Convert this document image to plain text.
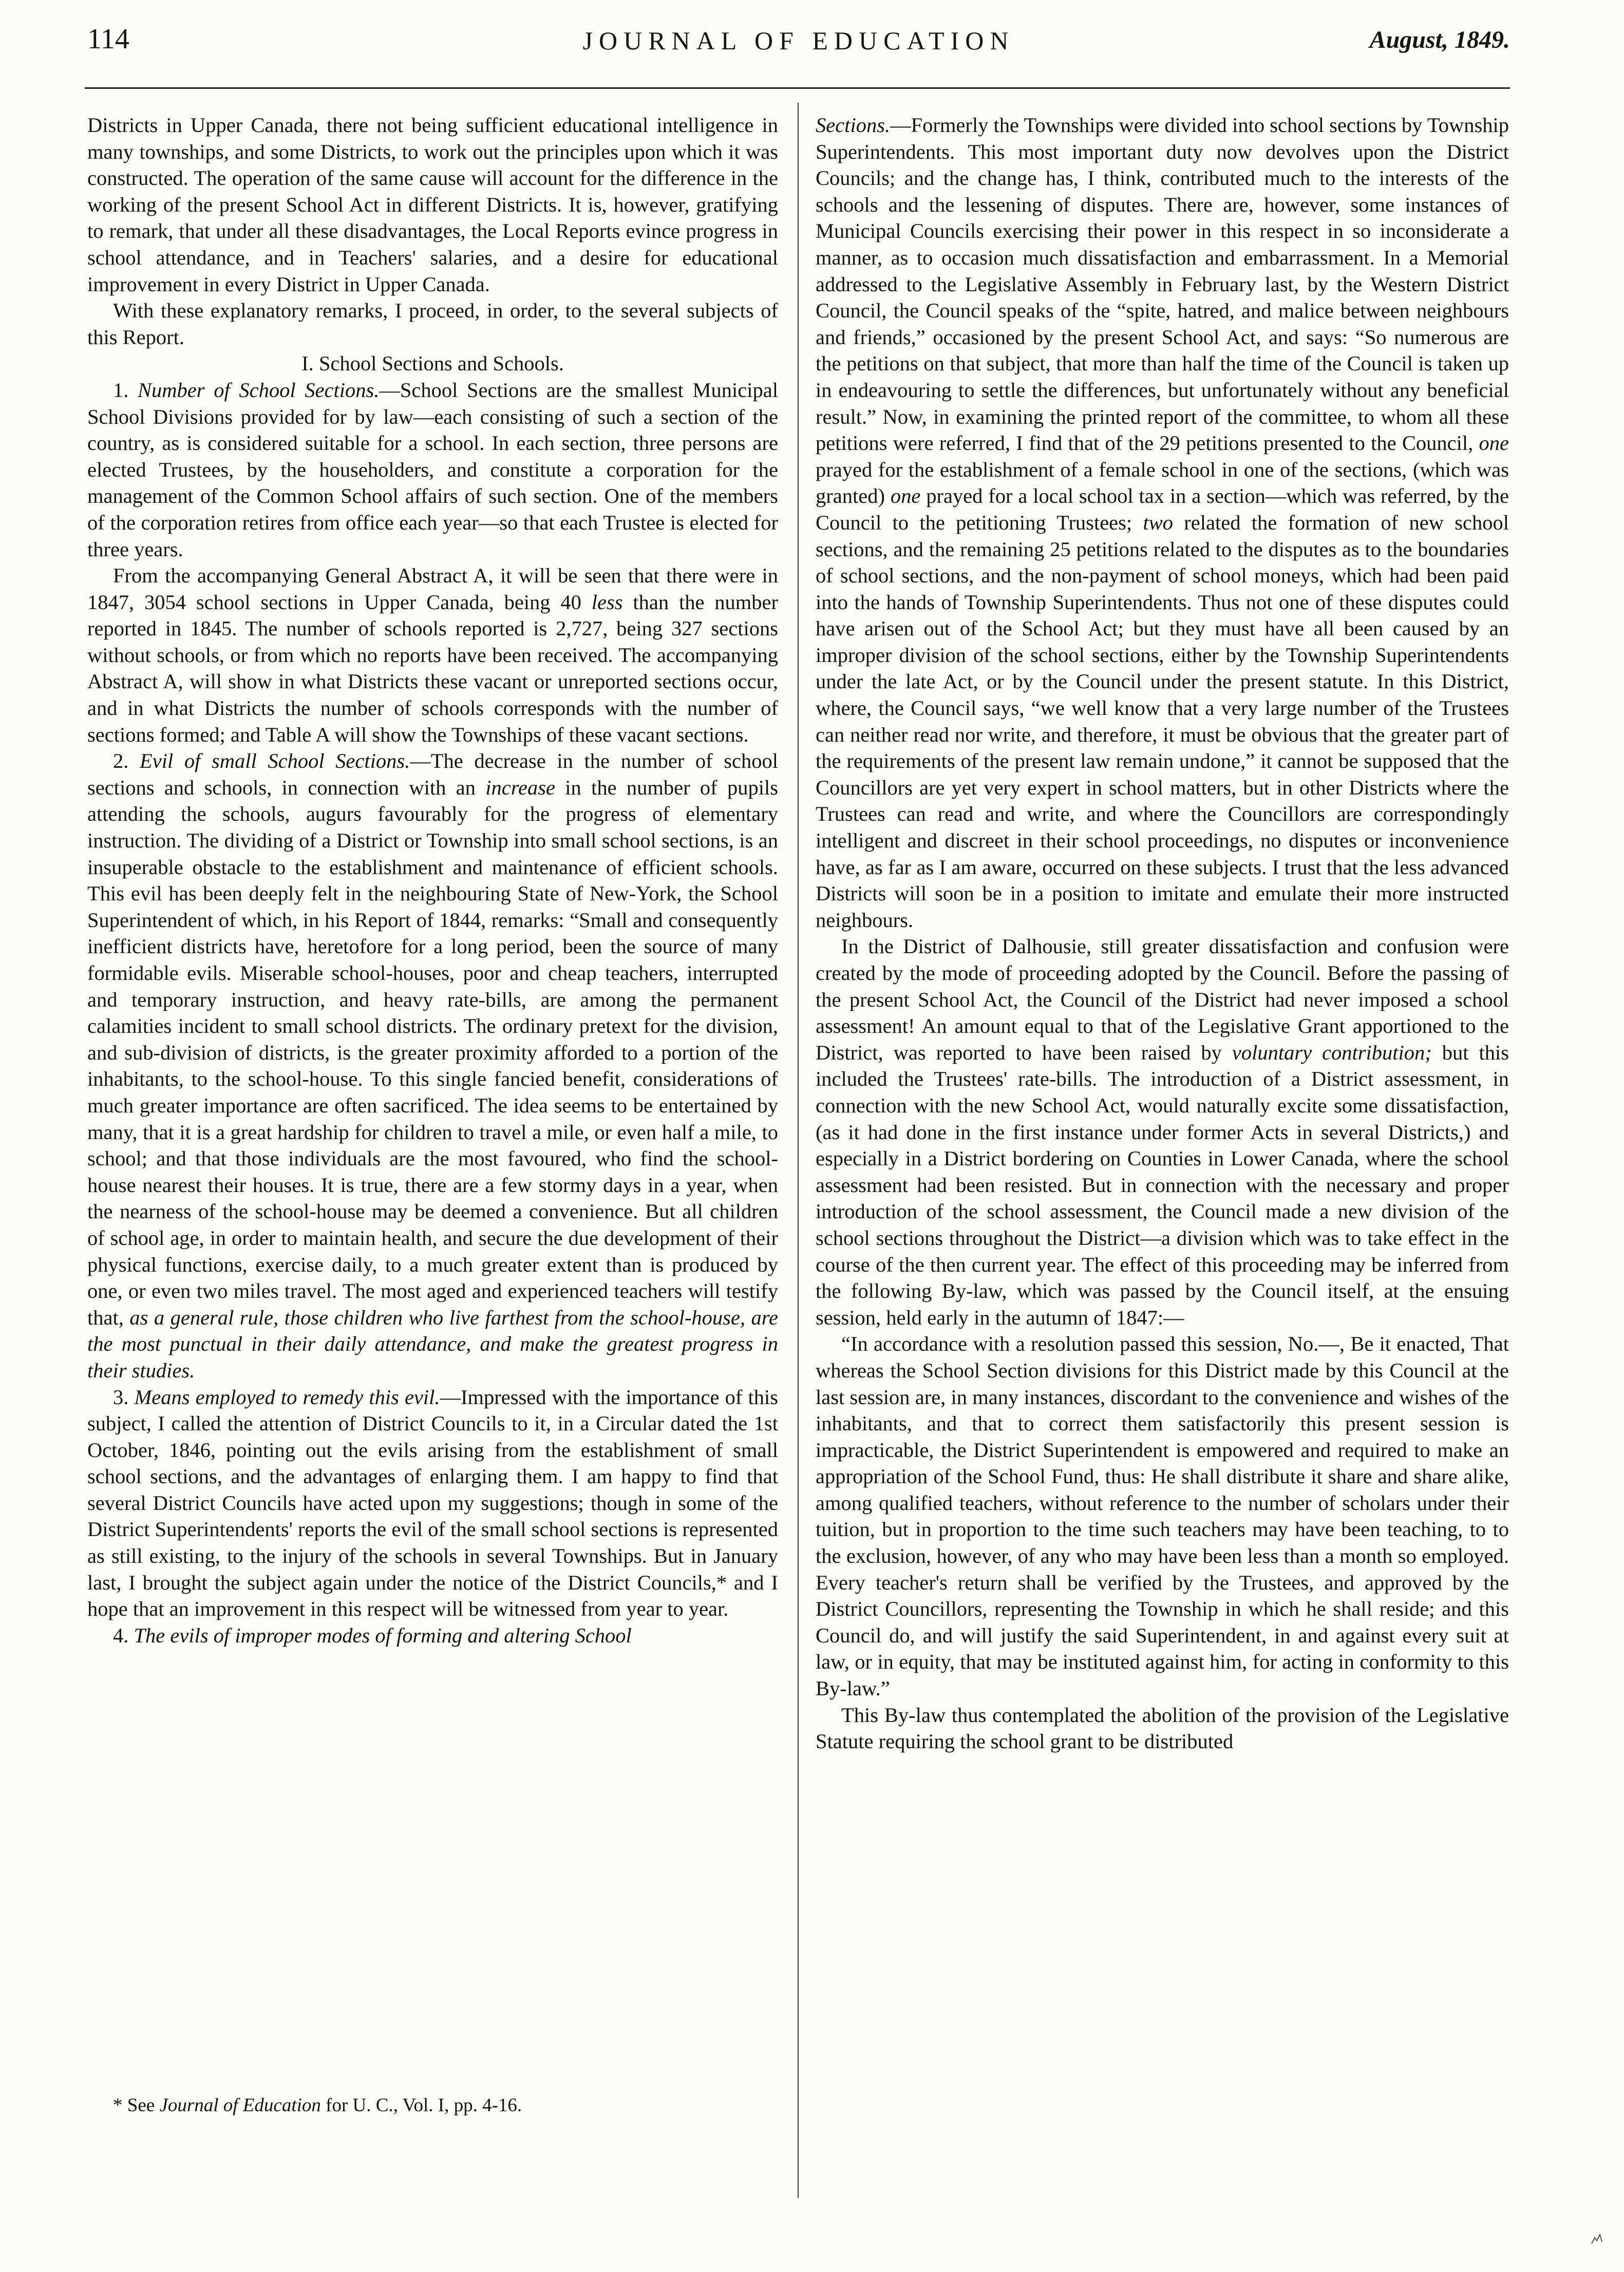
114	JOURNAL OF EDUCATION	August, 1849.

Districts in Upper Canada, there not being sufficient educational intelligence in many townships, and some Districts, to work out the principles upon which it was constructed. The operation of the same cause will account for the difference in the working of the present School Act in different Districts. It is, however, gratifying to remark, that under all these disadvantages, the Local Reports evince progress in school attendance, and in Teachers' salaries, and a desire for educational improvement in every District in Upper Canada.

With these explanatory remarks, I proceed, in order, to the several subjects of this Report.

I. School Sections and Schools.

1. Number of School Sections.—School Sections are the smallest Municipal School Divisions provided for by law—each consisting of such a section of the country, as is considered suitable for a school. In each section, three persons are elected Trustees, by the householders, and constitute a corporation for the management of the Common School affairs of such section. One of the members of the corporation retires from office each year—so that each Trustee is elected for three years.

From the accompanying General Abstract A, it will be seen that there were in 1847, 3054 school sections in Upper Canada, being 40 less than the number reported in 1845. The number of schools reported is 2,727, being 327 sections without schools, or from which no reports have been received. The accompanying Abstract A, will show in what Districts these vacant or unreported sections occur, and in what Districts the number of schools corresponds with the number of sections formed; and Table A will show the Townships of these vacant sections.

2. Evil of small School Sections.—The decrease in the number of school sections and schools, in connection with an increase in the number of pupils attending the schools, augurs favourably for the progress of elementary instruction. The dividing of a District or Township into small school sections, is an insuperable obstacle to the establishment and maintenance of efficient schools. This evil has been deeply felt in the neighbouring State of New-York, the School Superintendent of which, in his Report of 1844, remarks: “Small and consequently inefficient districts have, heretofore for a long period, been the source of many formidable evils. Miserable school-houses, poor and cheap teachers, interrupted and temporary instruction, and heavy rate-bills, are among the permanent calamities incident to small school districts. The ordinary pretext for the division, and sub-division of districts, is the greater proximity afforded to a portion of the inhabitants, to the school-house. To this single fancied benefit, considerations of much greater importance are often sacrificed. The idea seems to be entertained by many, that it is a great hardship for children to travel a mile, or even half a mile, to school; and that those individuals are the most favoured, who find the school-house nearest their houses. It is true, there are a few stormy days in a year, when the nearness of the school-house may be deemed a convenience. But all children of school age, in order to maintain health, and secure the due development of their physical functions, exercise daily, to a much greater extent than is produced by one, or even two miles travel. The most aged and experienced teachers will testify that, as a general rule, those children who live farthest from the school-house, are the most punctual in their daily attendance, and make the greatest progress in their studies.

3. Means employed to remedy this evil.—Impressed with the importance of this subject, I called the attention of District Councils to it, in a Circular dated the 1st October, 1846, pointing out the evils arising from the establishment of small school sections, and the advantages of enlarging them. I am happy to find that several District Councils have acted upon my suggestions; though in some of the District Superintendents' reports the evil of the small school sections is represented as still existing, to the injury of the schools in several Townships. But in January last, I brought the subject again under the notice of the District Councils,* and I hope that an improvement in this respect will be witnessed from year to year.

4. The evils of improper modes of forming and altering School

* See Journal of Education for U. C., Vol. I, pp. 4-16.

Sections.—Formerly the Townships were divided into school sections by Township Superintendents. This most important duty now devolves upon the District Councils; and the change has, I think, contributed much to the interests of the schools and the lessening of disputes. There are, however, some instances of Municipal Councils exercising their power in this respect in so inconsiderate a manner, as to occasion much dissatisfaction and embarrassment. In a Memorial addressed to the Legislative Assembly in February last, by the Western District Council, the Council speaks of the “spite, hatred, and malice between neighbours and friends,” occasioned by the present School Act, and says: “So numerous are the petitions on that subject, that more than half the time of the Council is taken up in endeavouring to settle the differences, but unfortunately without any beneficial result.” Now, in examining the printed report of the committee, to whom all these petitions were referred, I find that of the 29 petitions presented to the Council, one prayed for the establishment of a female school in one of the sections, (which was granted) one prayed for a local school tax in a section—which was referred, by the Council to the petitioning Trustees; two related the formation of new school sections, and the remaining 25 petitions related to the disputes as to the boundaries of school sections, and the non-payment of school moneys, which had been paid into the hands of Township Superintendents. Thus not one of these disputes could have arisen out of the School Act; but they must have all been caused by an improper division of the school sections, either by the Township Superintendents under the late Act, or by the Council under the present statute. In this District, where, the Council says, “we well know that a very large number of the Trustees can neither read nor write, and therefore, it must be obvious that the greater part of the requirements of the present law remain undone,” it cannot be supposed that the Councillors are yet very expert in school matters, but in other Districts where the Trustees can read and write, and where the Councillors are correspondingly intelligent and discreet in their school proceedings, no disputes or inconvenience have, as far as I am aware, occurred on these subjects. I trust that the less advanced Districts will soon be in a position to imitate and emulate their more instructed neighbours.

In the District of Dalhousie, still greater dissatisfaction and confusion were created by the mode of proceeding adopted by the Council. Before the passing of the present School Act, the Council of the District had never imposed a school assessment! An amount equal to that of the Legislative Grant apportioned to the District, was reported to have been raised by voluntary contribution; but this included the Trustees' rate-bills. The introduction of a District assessment, in connection with the new School Act, would naturally excite some dissatisfaction, (as it had done in the first instance under former Acts in several Districts,) and especially in a District bordering on Counties in Lower Canada, where the school assessment had been resisted. But in connection with the necessary and proper introduction of the school assessment, the Council made a new division of the school sections throughout the District—a division which was to take effect in the course of the then current year. The effect of this proceeding may be inferred from the following By-law, which was passed by the Council itself, at the ensuing session, held early in the autumn of 1847:—

“In accordance with a resolution passed this session, No.—, Be it enacted, That whereas the School Section divisions for this District made by this Council at the last session are, in many instances, discordant to the convenience and wishes of the inhabitants, and that to correct them satisfactorily this present session is impracticable, the District Superintendent is empowered and required to make an appropriation of the School Fund, thus: He shall distribute it share and share alike, among qualified teachers, without reference to the number of scholars under their tuition, but in proportion to the time such teachers may have been teaching, to to the exclusion, however, of any who may have been less than a month so employed. Every teacher's return shall be verified by the Trustees, and approved by the District Councillors, representing the Township in which he shall reside; and this Council do, and will justify the said Superintendent, in and against every suit at law, or in equity, that may be instituted against him, for acting in conformity to this By-law.”

This By-law thus contemplated the abolition of the provision of the Legislative Statute requiring the school grant to be distributed
